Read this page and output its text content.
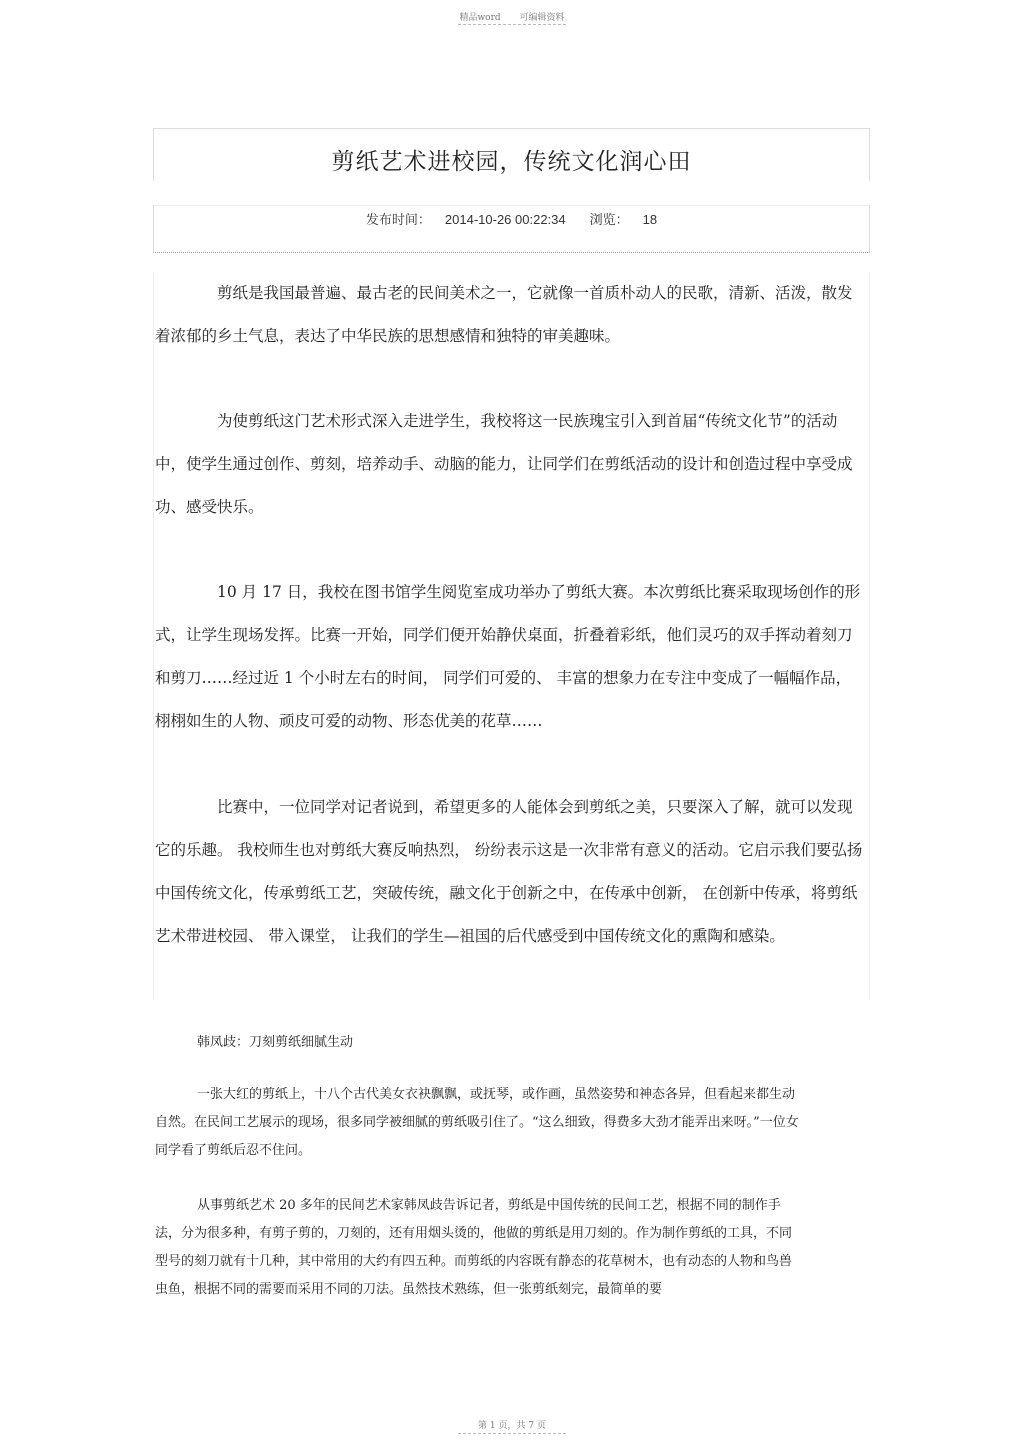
精品word 可编辑资料
剪纸艺术进校园，传统文化润心田
发布时间： 2014-10-26 00:22:34 浏览： 18

剪纸是我国最普遍、最古老的民间美术之一，它就像一首质朴动人的民歌，清新、活泼，散发着浓郁的乡土气息，表达了中华民族的思想感情和独特的审美趣味。

为使剪纸这门艺术形式深入走进学生，我校将这一民族瑰宝引入到首届“传统文化节”的活动中，使学生通过创作、剪刻，培养动手、动脑的能力，让同学们在剪纸活动的设计和创造过程中享受成功、感受快乐。

10 月 17 日，我校在图书馆学生阅览室成功举办了剪纸大赛。本次剪纸比赛采取现场创作的形式，让学生现场发挥。比赛一开始，同学们便开始静伏桌面，折叠着彩纸，他们灵巧的双手挥动着刻刀和剪刀……经过近 1 个小时左右的时间， 同学们可爱的、 丰富的想象力在专注中变成了一幅幅作品，栩栩如生的人物、顽皮可爱的动物、形态优美的花草……

比赛中，一位同学对记者说到，希望更多的人能体会到剪纸之美，只要深入了解，就可以发现它的乐趣。 我校师生也对剪纸大赛反响热烈， 纷纷表示这是一次非常有意义的活动。它启示我们要弘扬中国传统文化，传承剪纸工艺，突破传统，融文化于创新之中，在传承中创新， 在创新中传承，将剪纸艺术带进校园、 带入课堂， 让我们的学生—祖国的后代感受到中国传统文化的熏陶和感染。

韩凤歧：刀刻剪纸细腻生动

一张大红的剪纸上，十八个古代美女衣袂飘飘，或抚琴，或作画，虽然姿势和神态各异，但看起来都生动自然。在民间工艺展示的现场，很多同学被细腻的剪纸吸引住了。“这么细致，得费多大劲才能弄出来呀。”一位女同学看了剪纸后忍不住问。

从事剪纸艺术 20 多年的民间艺术家韩凤歧告诉记者，剪纸是中国传统的民间工艺，根据不同的制作手法，分为很多种，有剪子剪的，刀刻的，还有用烟头烫的，他做的剪纸是用刀刻的。作为制作剪纸的工具，不同型号的刻刀就有十几种，其中常用的大约有四五种。而剪纸的内容既有静态的花草树木，也有动态的人物和鸟兽虫鱼，根据不同的需要而采用不同的刀法。虽然技术熟练，但一张剪纸刻完，最简单的要

第 1 页，共 7 页
